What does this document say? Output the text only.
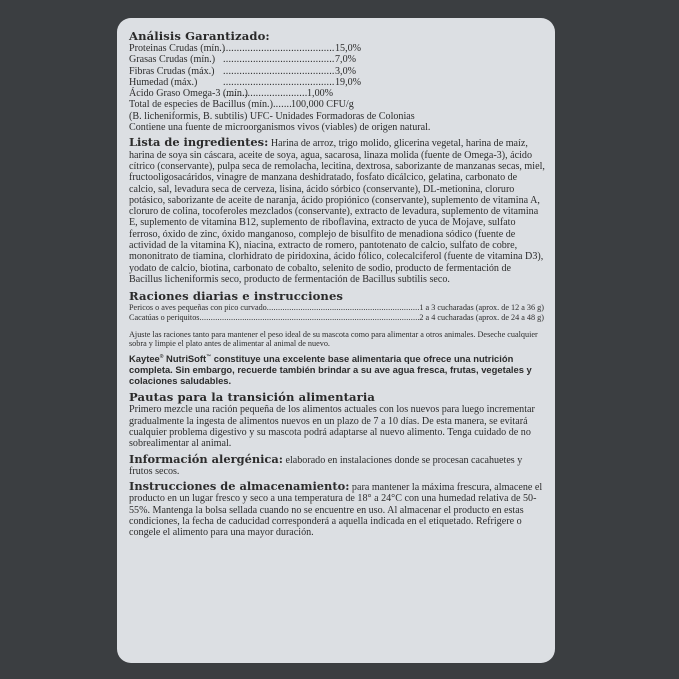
Análisis Garantizado:
Proteinas Crudas (mín.) .....	15,0%
Grasas Crudas (mín.) .....	7,0%
Fibras Crudas (máx.) .....	3,0%
Humedad (máx.) .....	19,0%
Ácido Graso Omega-3 (mín.) .....	1,00%
Total de especies de Bacillus (mín.) ..... 100,000 CFU/g
(B. licheniformis, B. subtilis) UFC- Unidades Formadoras de Colonias
Contiene una fuente de microorganismos vivos (viables) de origen natural.
Lista de ingredientes: Harina de arroz, trigo molido, glicerina vegetal, harina de maíz, harina de soya sin cáscara, aceite de soya, agua, sacarosa, linaza molida (fuente de Omega-3), ácido cítrico (conservante), pulpa seca de remolacha, lecitina, dextrosa, saborizante de manzanas secas, miel, fructooligosacáridos, vinagre de manzana deshidratado, fosfato dicálcico, gelatina, carbonato de calcio, sal, levadura seca de cerveza, lisina, ácido sórbico (conservante), DL-metionina, cloruro potásico, saborizante de aceite de naranja, ácido propiónico (conservante), suplemento de vitamina A, cloruro de colina, tocoferoles mezclados (conservante), extracto de levadura, suplemento de vitamina E, suplemento de vitamina B12, suplemento de riboflavina, extracto de yuca de Mojave, sulfato ferroso, óxido de zinc, óxido manganoso, complejo de bisulfito de menadiona sódico (fuente de actividad de la vitamina K), niacina, extracto de romero, pantotenato de calcio, sulfato de cobre, mononitrato de tiamina, clorhidrato de piridoxina, ácido fólico, colecalciferol (fuente de vitamina D3), yodato de calcio, biotina, carbonato de cobalto, selenito de sodio, producto de fermentación de Bacillus licheniformis seco, producto de fermentación de Bacillus subtilis seco.
Raciones diarias e instrucciones
Pericos o aves pequeñas con pico curvado .....	1 a 3 cucharadas (aprox. de 12 a 36 g)
Cacatúas o periquitos .....	2 a 4 cucharadas (aprox. de 24 a 48 g)
Ajuste las raciones tanto para mantener el peso ideal de su mascota como para alimentar a otros animales. Deseche cualquier sobra y limpie el plato antes de alimentar al animal de nuevo.
Kaytee® NutriSoft™ constituye una excelente base alimentaria que ofrece una nutrición completa. Sin embargo, recuerde también brindar a su ave agua fresca, frutas, vegetales y colaciones saludables.
Pautas para la transición alimentaria
Primero mezcle una ración pequeña de los alimentos actuales con los nuevos para luego incrementar gradualmente la ingesta de alimentos nuevos en un plazo de 7 a 10 días. De esta manera, se evitará cualquier problema digestivo y su mascota podrá adaptarse al nuevo alimento. Tenga cuidado de no sobrealimentar al animal.
Información alergénica: elaborado en instalaciones donde se procesan cacahuetes y frutos secos.
Instrucciones de almacenamiento: para mantener la máxima frescura, almacene el producto en un lugar fresco y seco a una temperatura de 18° a 24°C con una humedad relativa de 50-55%. Mantenga la bolsa sellada cuando no se encuentre en uso. Al almacenar el producto en estas condiciones, la fecha de caducidad corresponderá a aquella indicada en el etiquetado. Refrigere o congele el alimento para una mayor duración.
